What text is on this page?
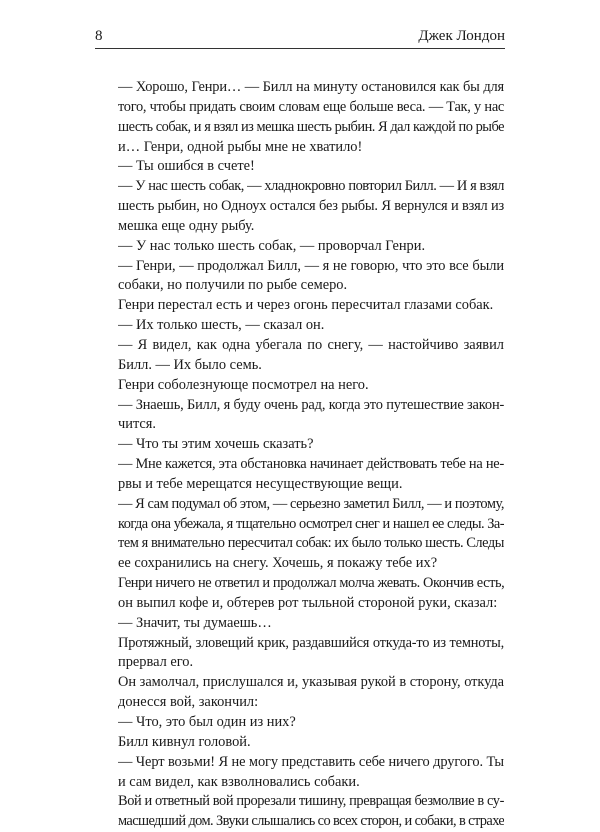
8	Джек Лондон
— Хорошо, Генри… — Билл на минуту остановился как бы для
того, чтобы придать своим словам еще больше веса. — Так, у нас
шесть собак, и я взял из мешка шесть рыбин. Я дал каждой по рыбе
и… Генри, одной рыбы мне не хватило!
— Ты ошибся в счете!
— У нас шесть собак, — хладнокровно повторил Билл. — И я взял
шесть рыбин, но Одноух остался без рыбы. Я вернулся и взял из
мешка еще одну рыбу.
— У нас только шесть собак, — проворчал Генри.
— Генри, — продолжал Билл, — я не говорю, что это все были
собаки, но получили по рыбе семеро.
Генри перестал есть и через огонь пересчитал глазами собак.
— Их только шесть, — сказал он.
— Я видел, как одна убегала по снегу, — настойчиво заявил
Билл. — Их было семь.
Генри соболезнующе посмотрел на него.
— Знаешь, Билл, я буду очень рад, когда это путешествие закон-
чится.
— Что ты этим хочешь сказать?
— Мне кажется, эта обстановка начинает действовать тебе на не-
рвы и тебе мерещатся несуществующие вещи.
— Я сам подумал об этом, — серьезно заметил Билл, — и поэтому,
когда она убежала, я тщательно осмотрел снег и нашел ее следы. За-
тем я внимательно пересчитал собак: их было только шесть. Следы
ее сохранились на снегу. Хочешь, я покажу тебе их?
Генри ничего не ответил и продолжал молча жевать. Окончив есть,
он выпил кофе и, обтерев рот тыльной стороной руки, сказал:
— Значит, ты думаешь…
Протяжный, зловещий крик, раздавшийся откуда-то из темноты,
прервал его.
Он замолчал, прислушался и, указывая рукой в сторону, откуда
донесся вой, закончил:
— Что, это был один из них?
Билл кивнул головой.
— Черт возьми! Я не могу представить себе ничего другого. Ты
и сам видел, как взволновались собаки.
Вой и ответный вой прорезали тишину, превращая безмолвие в су-
масшедший дом. Звуки слышались со всех сторон, и собаки, в страхе
